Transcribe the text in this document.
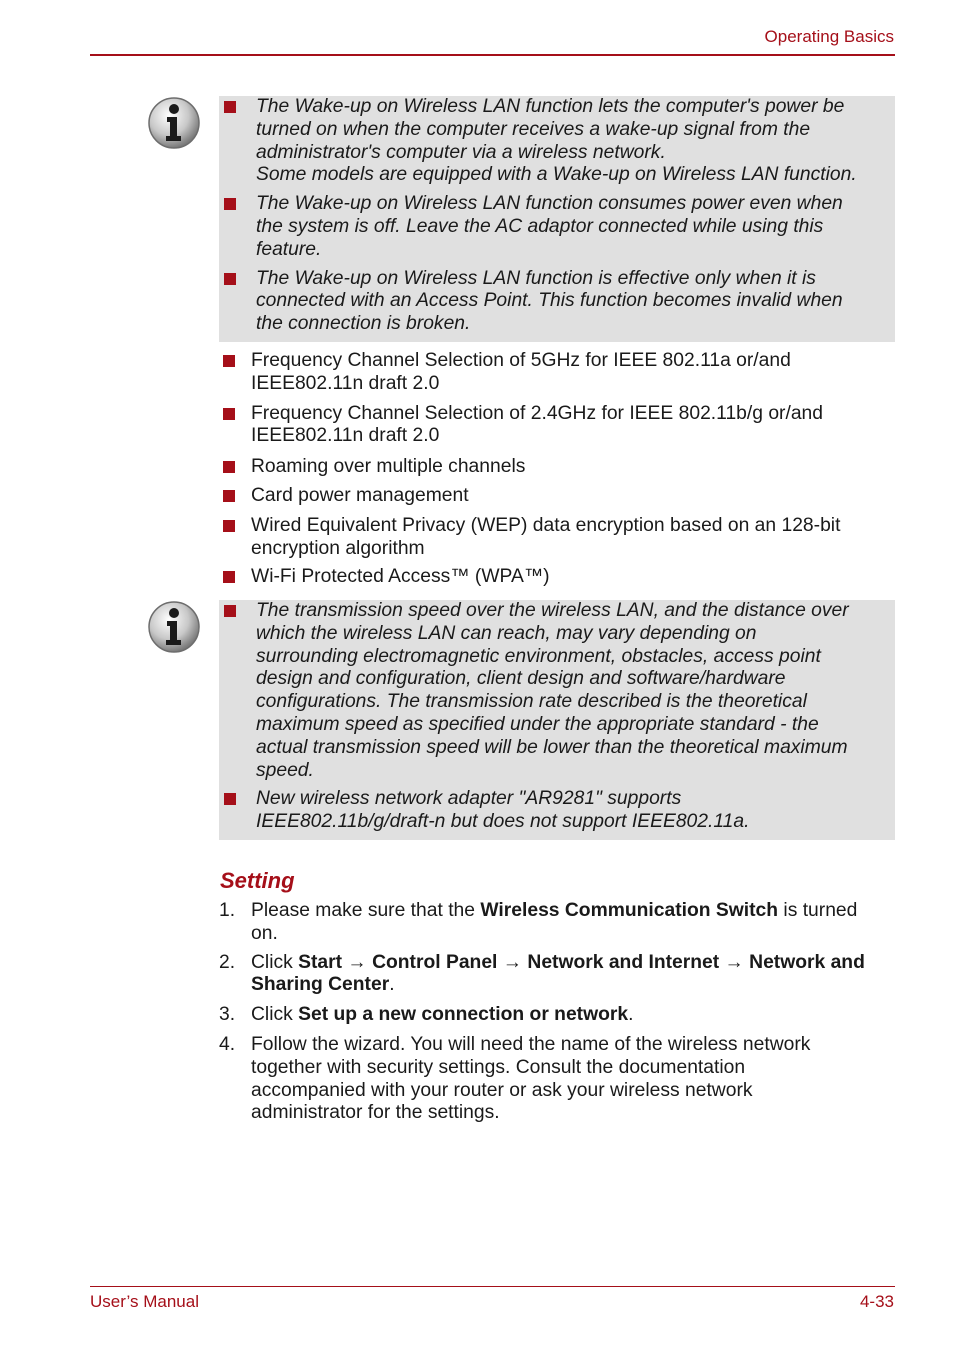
Operating Basics
The Wake-up on Wireless LAN function lets the computer's power be
turned on when the computer receives a wake-up signal from the
administrator's computer via a wireless network.
Some models are equipped with a Wake-up on Wireless LAN function.
The Wake-up on Wireless LAN function consumes power even when
the system is off. Leave the AC adaptor connected while using this
feature.
The Wake-up on Wireless LAN function is effective only when it is
connected with an Access Point. This function becomes invalid when
the connection is broken.
Frequency Channel Selection of 5GHz for IEEE 802.11a or/and
IEEE802.11n draft 2.0
Frequency Channel Selection of 2.4GHz for IEEE 802.11b/g or/and
IEEE802.11n draft 2.0
Roaming over multiple channels
Card power management
Wired Equivalent Privacy (WEP) data encryption based on an 128-bit
encryption algorithm
Wi-Fi Protected Access™ (WPA™)
The transmission speed over the wireless LAN, and the distance over
which the wireless LAN can reach, may vary depending on
surrounding electromagnetic environment, obstacles, access point
design and configuration, client design and software/hardware
configurations. The transmission rate described is the theoretical
maximum speed as specified under the appropriate standard - the
actual transmission speed will be lower than the theoretical maximum
speed.
New wireless network adapter "AR9281" supports
IEEE802.11b/g/draft-n but does not support IEEE802.11a.
Setting
1. Please make sure that the Wireless Communication Switch is turned
on.
2. Click Start → Control Panel → Network and Internet → Network and
Sharing Center.
3. Click Set up a new connection or network.
4. Follow the wizard. You will need the name of the wireless network
together with security settings. Consult the documentation
accompanied with your router or ask your wireless network
administrator for the settings.
User’s Manual	4-33
